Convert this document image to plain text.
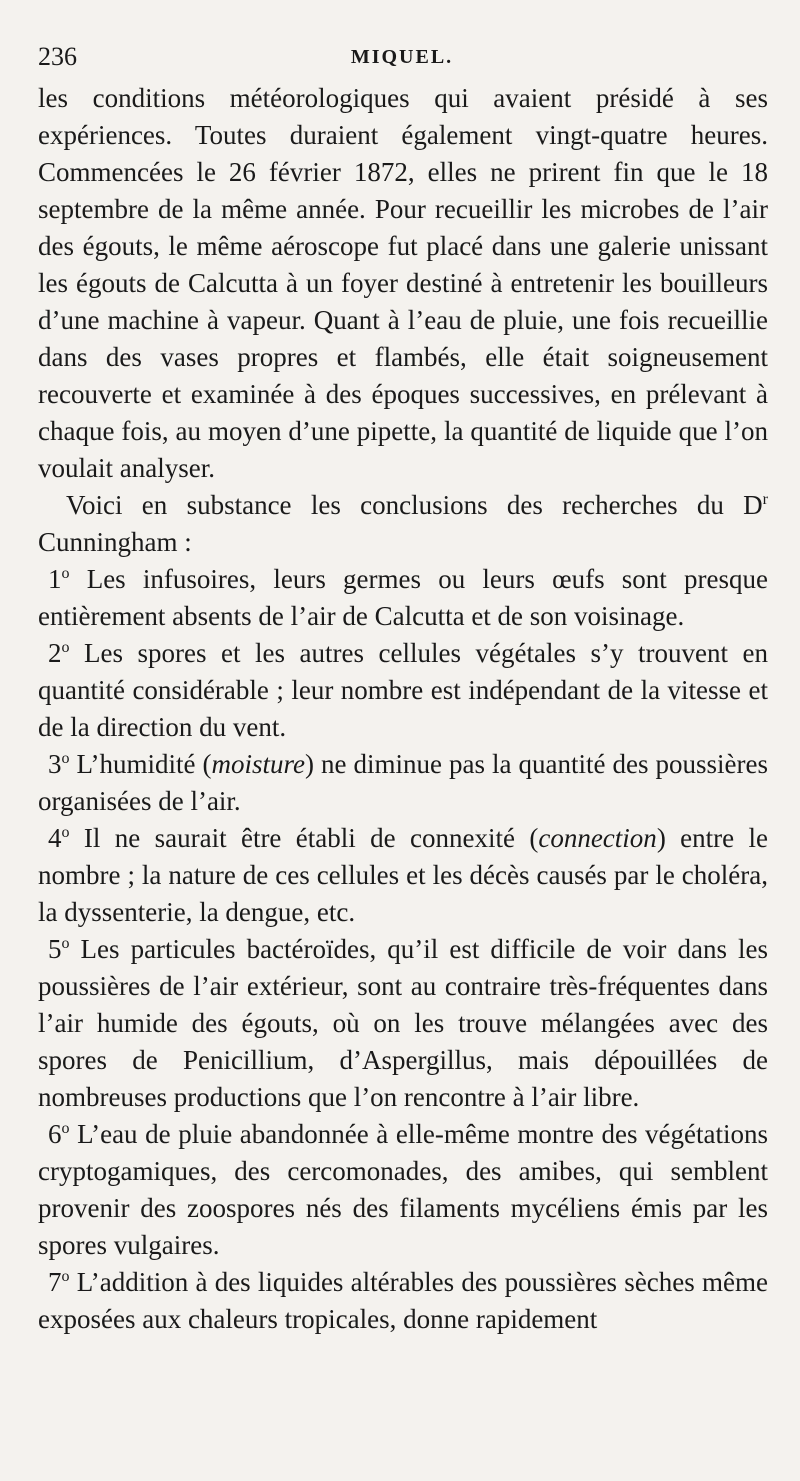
236	MIQUEL.

les conditions météorologiques qui avaient présidé à ses expériences. Toutes duraient également vingt-quatre heures. Commencées le 26 février 1872, elles ne prirent fin que le 18 septembre de la même année. Pour recueillir les microbes de l’air des égouts, le même aéroscope fut placé dans une galerie unissant les égouts de Calcutta à un foyer destiné à entretenir les bouilleurs d’une machine à vapeur. Quant à l’eau de pluie, une fois recueillie dans des vases propres et flambés, elle était soigneusement recouverte et examinée à des époques successives, en prélevant à chaque fois, au moyen d’une pipette, la quantité de liquide que l’on voulait analyser.

Voici en substance les conclusions des recherches du $D^r$ Cunningham :

1$^o$ Les infusoires, leurs germes ou leurs œufs sont presque entièrement absents de l’air de Calcutta et de son voisinage.

2$^o$ Les spores et les autres cellules végétales s’y trouvent en quantité considérable ; leur nombre est indépendant de la vitesse et de la direction du vent.

3$^o$ L’humidité (moisture) ne diminue pas la quantité des poussières organisées de l’air.

4$^o$ Il ne saurait être établi de connexité (connection) entre le nombre ; la nature de ces cellules et les décès causés par le choléra, la dyssenterie, la dengue, etc.

5$^o$ Les particules bactéroïdes, qu’il est difficile de voir dans les poussières de l’air extérieur, sont au contraire très-fréquentes dans l’air humide des égouts, où on les trouve mélangées avec des spores de Penicillium, d’Aspergillus, mais dépouillées de nombreuses productions que l’on rencontre à l’air libre.

6$^o$ L’eau de pluie abandonnée à elle-même montre des végétations cryptogamiques, des cercomonades, des amibes, qui semblent provenir des zoospores nés des filaments mycéliens émis par les spores vulgaires.

7$^o$ L’addition à des liquides altérables des poussières sèches même exposées aux chaleurs tropicales, donne rapidement
